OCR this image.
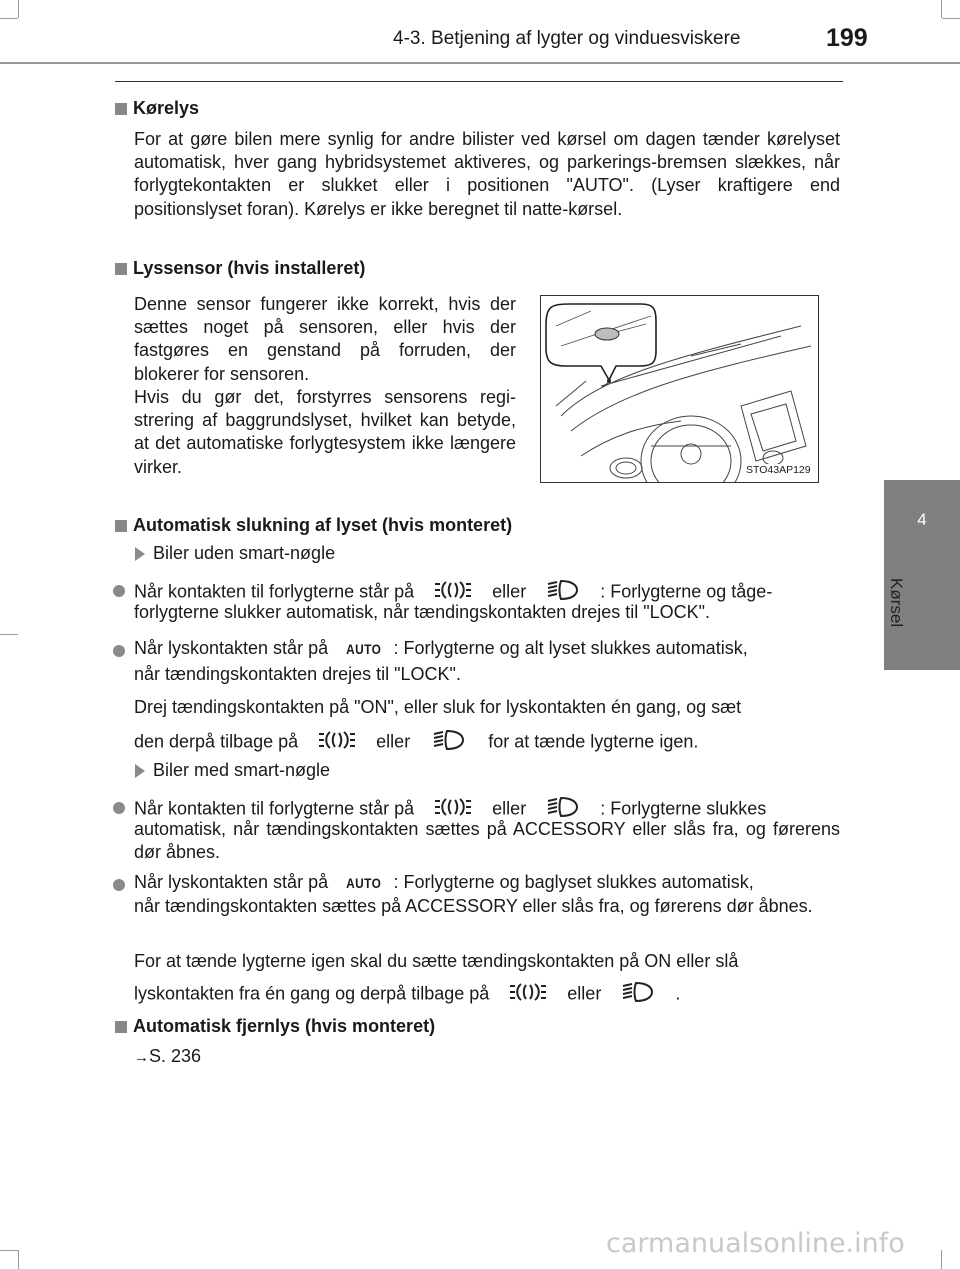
4-3. Betjening af lygter og vinduesviskere	199
4
Kørsel
Kørelys
For at gøre bilen mere synlig for andre bilister ved kørsel om dagen tænder kørelyset automatisk, hver gang hybridsystemet aktiveres, og parkerings-bremsen slækkes, når forlygtekontakten er slukket eller i positionen "AUTO". (Lyser kraftigere end positionslyset foran). Kørelys er ikke beregnet til natte-kørsel.
Lyssensor (hvis installeret)
Denne sensor fungerer ikke korrekt, hvis der sættes noget på sensoren, eller hvis der fastgøres en genstand på forruden, der blokerer for sensoren.
Hvis du gør det, forstyrres sensorens regi-strering af baggrundslyset, hvilket kan betyde, at det automatiske forlygtesystem ikke længere virker.	STO43AP129
Automatisk slukning af lyset (hvis monteret)
Biler uden smart-nøgle
Når kontakten til forlygterne står på	eller	: Forlygterne og tåge-
forlygterne slukker automatisk, når tændingskontakten drejes til "LOCK".
Når lyskontakten står på AUTO : Forlygterne og alt lyset slukkes automatisk,
når tændingskontakten drejes til "LOCK".
Drej tændingskontakten på "ON", eller sluk for lyskontakten én gang, og sæt
den derpå tilbage på	eller	for at tænde lygterne igen.
Biler med smart-nøgle
Når kontakten til forlygterne står på	eller	: Forlygterne slukkes
automatisk, når tændingskontakten sættes på ACCESSORY eller slås fra, og førerens dør åbnes.
Når lyskontakten står på AUTO : Forlygterne og baglyset slukkes automatisk,
når tændingskontakten sættes på ACCESSORY eller slås fra, og førerens dør åbnes.
For at tænde lygterne igen skal du sætte tændingskontakten på ON eller slå
lyskontakten fra én gang og derpå tilbage på	eller	.
Automatisk fjernlys (hvis monteret)
→S. 236
carmanualsonline.info
